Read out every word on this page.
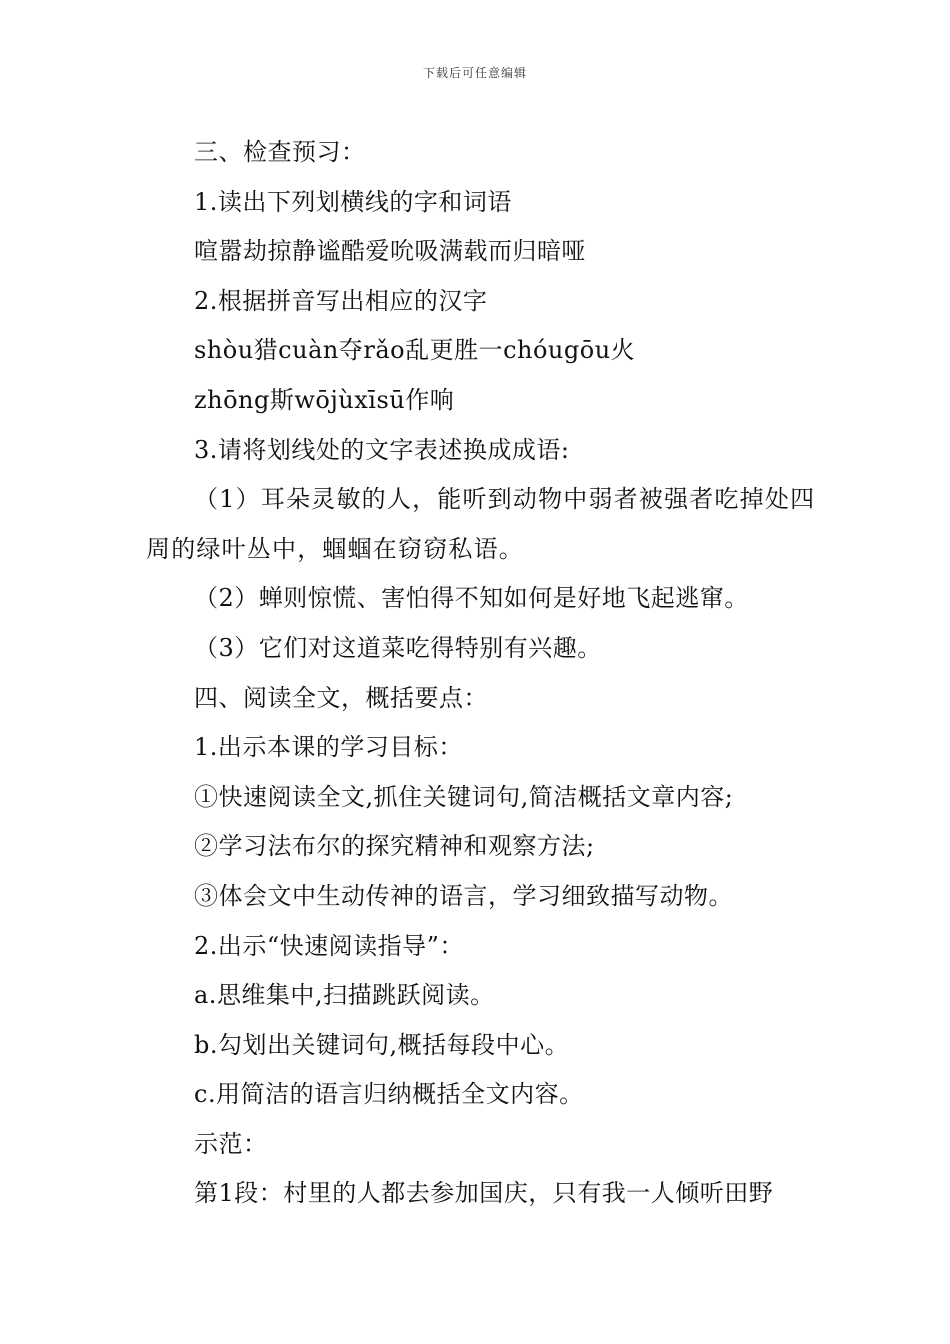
下载后可任意编辑
三、检查预习：
1.读出下列划横线的字和词语
喧嚣劫掠静谧酷爱吮吸满载而归暗哑
2.根据拼音写出相应的汉字
shòu猎cuàn夺rǎo乱更胜一chóugōu火
zhōng斯wōjùxīsū作响
3.请将划线处的文字表述换成成语:
（1）耳朵灵敏的人，能听到动物中弱者被强者吃掉处四周的绿叶丛中，蝈蝈在窃窃私语。
（2）蝉则惊慌、害怕得不知如何是好地飞起逃窜。
（3）它们对这道菜吃得特别有兴趣。
四、阅读全文，概括要点：
1.出示本课的学习目标：
①快速阅读全文,抓住关键词句,简洁概括文章内容;
②学习法布尔的探究精神和观察方法;
③体会文中生动传神的语言，学习细致描写动物。
2.出示“快速阅读指导”：
a.思维集中,扫描跳跃阅读。
b.勾划出关键词句,概括每段中心。
c.用简洁的语言归纳概括全文内容。
示范：
第1段：村里的人都去参加国庆，只有我一人倾听田野
